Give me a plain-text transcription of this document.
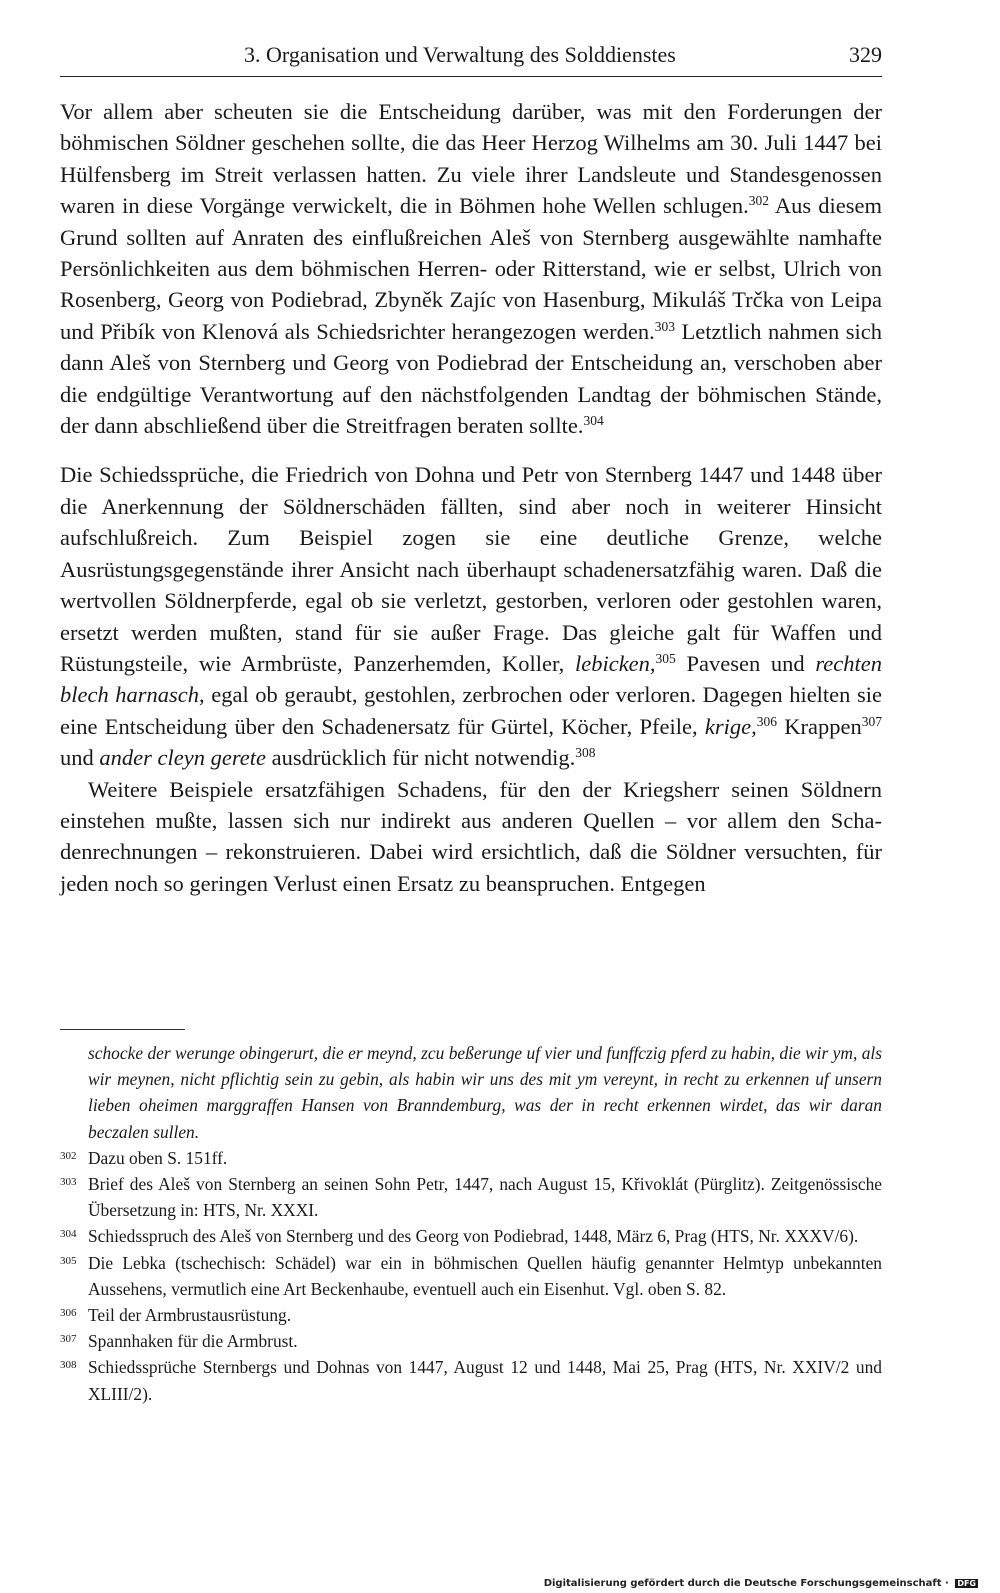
3. Organisation und Verwaltung des Solddienstes	329

Vor allem aber scheuten sie die Entscheidung darüber, was mit den Forderungen der böhmischen Söldner geschehen sollte, die das Heer Herzog Wilhelms am 30. Juli 1447 bei Hülfensberg im Streit verlassen hatten. Zu viele ihrer Landsleute und Standesgenossen waren in diese Vorgänge verwickelt, die in Böhmen hohe Wellen schlugen.$^{302}$ Aus diesem Grund sollten auf Anraten des einflußreichen Aleš von Sternberg ausgewählte namhafte Persönlichkeiten aus dem böhmischen Herren- oder Ritterstand, wie er selbst, Ulrich von Rosenberg, Georg von Podiebrad, Zbyněk Zajíc von Hasenburg, Mikuláš Trčka von Leipa und Přibík von Klenová als Schiedsrichter herangezogen werden.$^{303}$ Letztlich nahmen sich dann Aleš von Sternberg und Georg von Podiebrad der Entscheidung an, verschoben aber die endgültige Verantwortung auf den nächstfolgenden Landtag der böhmischen Stände, der dann abschließend über die Streitfragen beraten sollte.$^{304}$

Die Schiedssprüche, die Friedrich von Dohna und Petr von Sternberg 1447 und 1448 über die Anerkennung der Söldnerschäden fällten, sind aber noch in weiterer Hinsicht aufschlußreich. Zum Beispiel zogen sie eine deutliche Grenze, welche Ausrüstungsgegenstände ihrer Ansicht nach überhaupt schadenersatzfähig waren. Daß die wertvollen Söldnerpferde, egal ob sie verletzt, gestorben, verloren oder gestohlen waren, ersetzt werden mußten, stand für sie außer Frage. Das gleiche galt für Waffen und Rüstungsteile, wie Armbrüste, Panzerhemden, Koller, lebicken,$^{305}$ Pavesen und rechten blech harnasch, egal ob geraubt, gestohlen, zerbrochen oder verloren. Dagegen hielten sie eine Entscheidung über den Schadenersatz für Gürtel, Köcher, Pfeile, krige,$^{306}$ Krappen$^{307}$ und ander cleyn gerete ausdrücklich für nicht notwendig.$^{308}$

Weitere Beispiele ersatzfähigen Schadens, für den der Kriegsherr seinen Söldnern einstehen mußte, lassen sich nur indirekt aus anderen Quellen – vor allem den Schadenrechnungen – rekonstruieren. Dabei wird ersichtlich, daß die Söldner versuchten, für jeden noch so geringen Verlust einen Ersatz zu beanspruchen. Entgegen

schocke der werunge obingerurt, die er meynd, zcu beßerunge uf vier und funffczig pferd zu habin, die wir ym, als wir meynen, nicht pflichtig sein zu gebin, als habin wir uns des mit ym vereynt, in recht zu erkennen uf unsern lieben oheimen marggraffen Hansen von Branndemburg, was der in recht erkennen wirdet, das wir daran beczalen sullen.
302 Dazu oben S. 151ff.
303 Brief des Aleš von Sternberg an seinen Sohn Petr, 1447, nach August 15, Křivoklát (Pürglitz). Zeitgenössische Übersetzung in: HTS, Nr. XXXI.
304 Schiedsspruch des Aleš von Sternberg und des Georg von Podiebrad, 1448, März 6, Prag (HTS, Nr. XXXV/6).
305 Die Lebka (tschechisch: Schädel) war ein in böhmischen Quellen häufig genannter Helmtyp unbekannten Aussehens, vermutlich eine Art Beckenhaube, eventuell auch ein Eisenhut. Vgl. oben S. 82.
306 Teil der Armbrustausrüstung.
307 Spannhaken für die Armbrust.
308 Schiedssprüche Sternbergs und Dohnas von 1447, August 12 und 1448, Mai 25, Prag (HTS, Nr. XXIV/2 und XLIII/2).
Digitalisierung gefördert durch die Deutsche Forschungsgemeinschaft · DFG
